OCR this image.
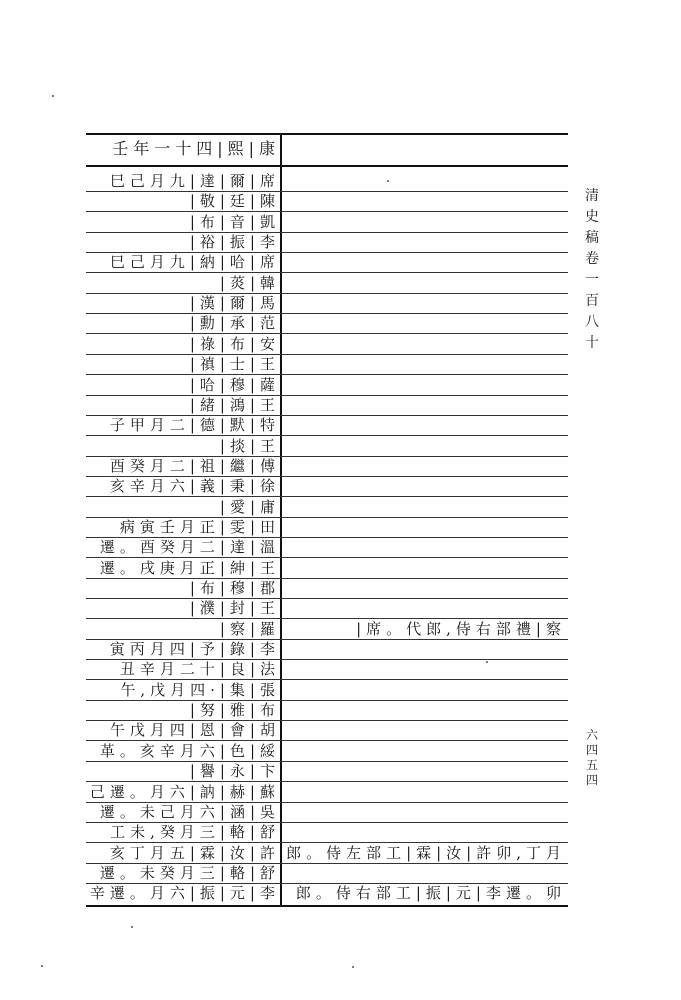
壬年一十四|熙|康
巳己月九|達|爾|席
|敬|廷|陳
|布|音|凱
|裕|振|李
巳己月九|納|哈|席
|菼|韓
|漢|爾|馬
|勳|承|范
|祿|布|安
|禛|士|王
|哈|穆|薩
|緒|鴻|王
子甲月二|德|默|特
|掞|王
酉癸月二|祖|繼|傅
亥辛月六|義|秉|徐
|愛|庸
病寅壬月正|雯|田
遷。酉癸月二|達|溫
遷。戌庚月正|紳|王
|布|穆|郡
|濮|封|王
|察|羅	|席。代郎,侍右部禮|察
寅丙月四|予|錄|李
丑辛月二十|良|法
午,戊月四·|集|張
|努|雅|布
午戊月四|恩|會|胡
革。亥辛月六|色|綏
|譽|永|卞
己遷。月六|訥|赫|蘇
遷。未己月六|涵|吳
工未,癸月三|輅|舒
亥丁月五|霖|汝|許 郎。侍左部工|霖|汝|許卯,丁月
遷。未癸月三|輅|舒
辛遷。月六|振|元|李 郎。侍右部工|振|元|李遷。卯
清史稿卷一百八十
六四五四
